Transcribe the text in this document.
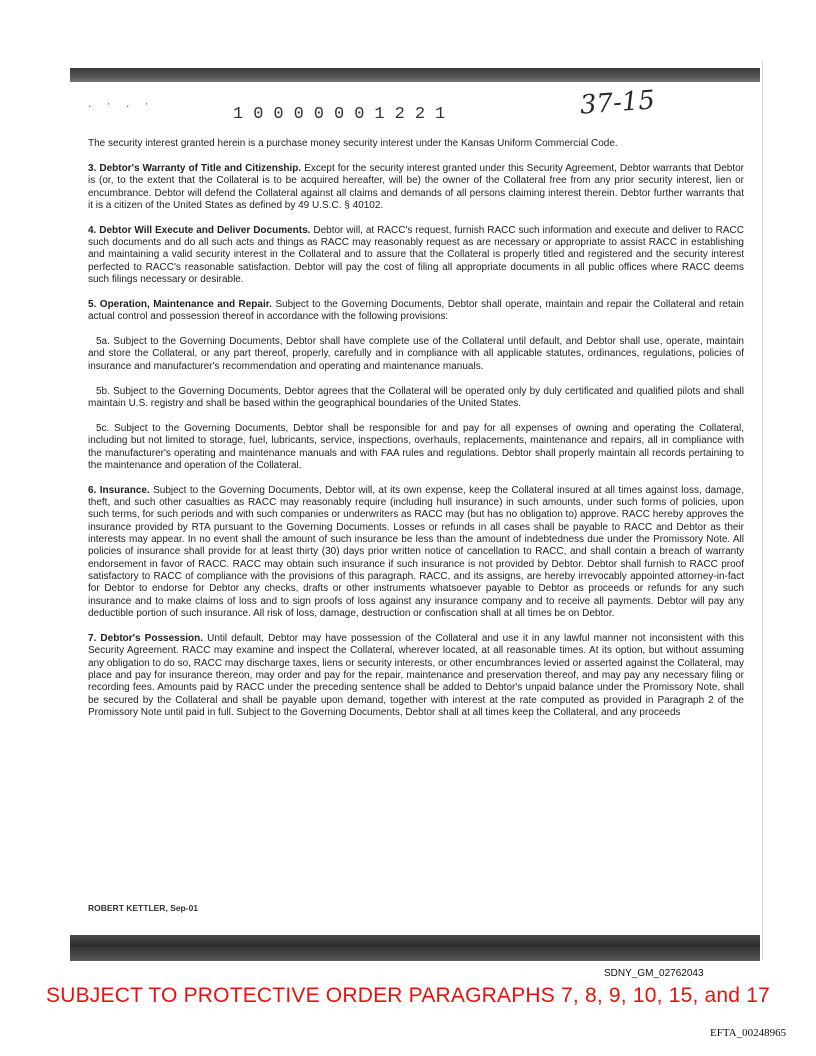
. · . ·
10000001221	37-15

The security interest granted herein is a purchase money security interest under the Kansas Uniform Commercial Code.

3. Debtor's Warranty of Title and Citizenship. Except for the security interest granted under this Security Agreement, Debtor warrants that Debtor is (or, to the extent that the Collateral is to be acquired hereafter, will be) the owner of the Collateral free from any prior security interest, lien or encumbrance. Debtor will defend the Collateral against all claims and demands of all persons claiming interest therein. Debtor further warrants that it is a citizen of the United States as defined by 49 U.S.C. § 40102.

4. Debtor Will Execute and Deliver Documents. Debtor will, at RACC's request, furnish RACC such information and execute and deliver to RACC such documents and do all such acts and things as RACC may reasonably request as are necessary or appropriate to assist RACC in establishing and maintaining a valid security interest in the Collateral and to assure that the Collateral is properly titled and registered and the security interest perfected to RACC's reasonable satisfaction. Debtor will pay the cost of filing all appropriate documents in all public offices where RACC deems such filings necessary or desirable.

5. Operation, Maintenance and Repair. Subject to the Governing Documents, Debtor shall operate, maintain and repair the Collateral and retain actual control and possession thereof in accordance with the following provisions:

5a. Subject to the Governing Documents, Debtor shall have complete use of the Collateral until default, and Debtor shall use, operate, maintain and store the Collateral, or any part thereof, properly, carefully and in compliance with all applicable statutes, ordinances, regulations, policies of insurance and manufacturer's recommendation and operating and maintenance manuals.

5b. Subject to the Governing Documents, Debtor agrees that the Collateral will be operated only by duly certificated and qualified pilots and shall maintain U.S. registry and shall be based within the geographical boundaries of the United States.

5c. Subject to the Governing Documents, Debtor shall be responsible for and pay for all expenses of owning and operating the Collateral, including but not limited to storage, fuel, lubricants, service, inspections, overhauls, replacements, maintenance and repairs, all in compliance with the manufacturer's operating and maintenance manuals and with FAA rules and regulations. Debtor shall properly maintain all records pertaining to the maintenance and operation of the Collateral.

6. Insurance. Subject to the Governing Documents, Debtor will, at its own expense, keep the Collateral insured at all times against loss, damage, theft, and such other casualties as RACC may reasonably require (including hull insurance) in such amounts, under such forms of policies, upon such terms, for such periods and with such companies or underwriters as RACC may (but has no obligation to) approve. RACC hereby approves the insurance provided by RTA pursuant to the Governing Documents. Losses or refunds in all cases shall be payable to RACC and Debtor as their interests may appear. In no event shall the amount of such insurance be less than the amount of indebtedness due under the Promissory Note. All policies of insurance shall provide for at least thirty (30) days prior written notice of cancellation to RACC, and shall contain a breach of warranty endorsement in favor of RACC. RACC may obtain such insurance if such insurance is not provided by Debtor. Debtor shall furnish to RACC proof satisfactory to RACC of compliance with the provisions of this paragraph. RACC, and its assigns, are hereby irrevocably appointed attorney-in-fact for Debtor to endorse for Debtor any checks, drafts or other instruments whatsoever payable to Debtor as proceeds or refunds for any such insurance and to make claims of loss and to sign proofs of loss against any insurance company and to receive all payments. Debtor will pay any deductible portion of such insurance. All risk of loss, damage, destruction or confiscation shall at all times be on Debtor.

7. Debtor's Possession. Until default, Debtor may have possession of the Collateral and use it in any lawful manner not inconsistent with this Security Agreement. RACC may examine and inspect the Collateral, wherever located, at all reasonable times. At its option, but without assuming any obligation to do so, RACC may discharge taxes, liens or security interests, or other encumbrances levied or asserted against the Collateral, may place and pay for insurance thereon, may order and pay for the repair, maintenance and preservation thereof, and may pay any necessary filing or recording fees. Amounts paid by RACC under the preceding sentence shall be added to Debtor's unpaid balance under the Promissory Note, shall be secured by the Collateral and shall be payable upon demand, together with interest at the rate computed as provided in Paragraph 2 of the Promissory Note until paid in full. Subject to the Governing Documents, Debtor shall at all times keep the Collateral, and any proceeds

ROBERT KETTLER, Sep-01
SDNY_GM_02762043
SUBJECT TO PROTECTIVE ORDER PARAGRAPHS 7, 8, 9, 10, 15, and 17
EFTA_00248965
